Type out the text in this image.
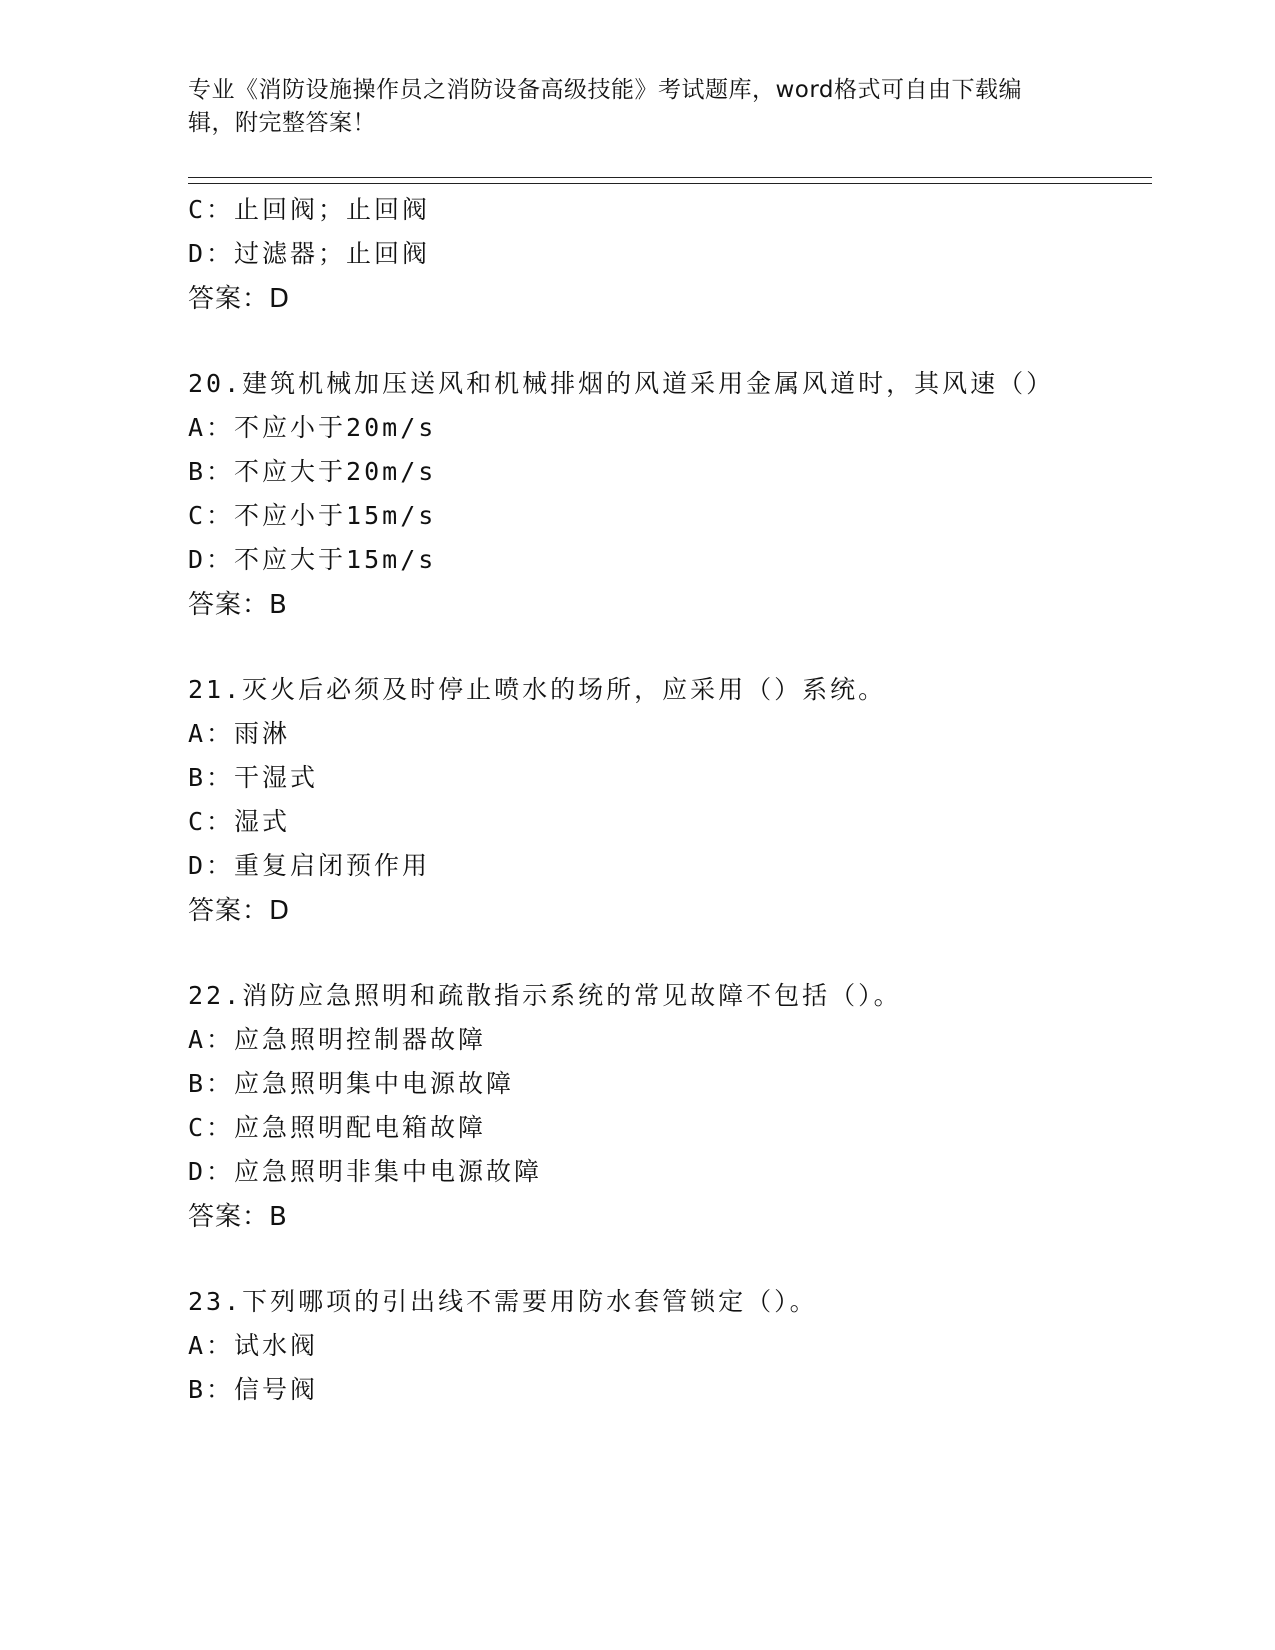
专业《消防设施操作员之消防设备高级技能》考试题库，word格式可自由下载编辑，附完整答案！
C：止回阀；止回阀
D：过滤器；止回阀
答案：D
20.建筑机械加压送风和机械排烟的风道采用金属风道时，其风速（）
A：不应小于20m/s
B：不应大于20m/s
C：不应小于15m/s
D：不应大于15m/s
答案：B
21.灭火后必须及时停止喷水的场所，应采用（）系统。
A：雨淋
B：干湿式
C：湿式
D：重复启闭预作用
答案：D
22.消防应急照明和疏散指示系统的常见故障不包括（）。
A：应急照明控制器故障
B：应急照明集中电源故障
C：应急照明配电箱故障
D：应急照明非集中电源故障
答案：B
23.下列哪项的引出线不需要用防水套管锁定（）。
A：试水阀
B：信号阀
